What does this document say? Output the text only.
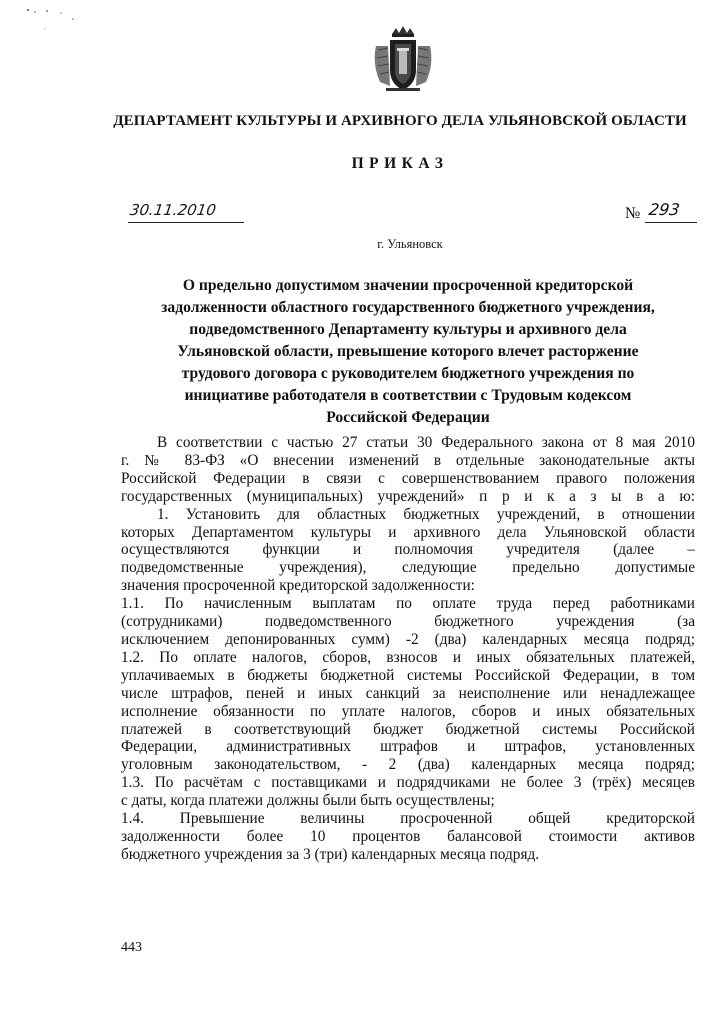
ДЕПАРТАМЕНТ КУЛЬТУРЫ И АРХИВНОГО ДЕЛА УЛЬЯНОВСКОЙ ОБЛАСТИ
ПРИКАЗ
30.11.2010	№ 293
г. Ульяновск
О предельно допустимом значении просроченной кредиторской
задолженности областного государственного бюджетного учреждения,
подведомственного Департаменту культуры и архивного дела
Ульяновской области, превышение которого влечет расторжение
трудового договора с руководителем бюджетного учреждения по
инициативе работодателя в соответствии с Трудовым кодексом
Российской Федерации
В соответствии с частью 27 статьи 30 Федерального закона от 8 мая 2010
г. № 83-ФЗ «О внесении изменений в отдельные законодательные акты
Российской Федерации в связи с совершенствованием правого положения
государственных (муниципальных) учреждений» п р и к а з ы в а ю:
1. Установить для областных бюджетных учреждений, в отношении
которых Департаментом культуры и архивного дела Ульяновской области
осуществляются функции и полномочия учредителя (далее –
подведомственные учреждения), следующие предельно допустимые
значения просроченной кредиторской задолженности:
1.1. По начисленным выплатам по оплате труда перед работниками
(сотрудниками) подведомственного бюджетного учреждения (за
исключением депонированных сумм) -2 (два) календарных месяца подряд;
1.2. По оплате налогов, сборов, взносов и иных обязательных платежей,
уплачиваемых в бюджеты бюджетной системы Российской Федерации, в том
числе штрафов, пеней и иных санкций за неисполнение или ненадлежащее
исполнение обязанности по уплате налогов, сборов и иных обязательных
платежей в соответствующий бюджет бюджетной системы Российской
Федерации, административных штрафов и штрафов, установленных
уголовным законодательством, - 2 (два) календарных месяца подряд;
1.3. По расчётам с поставщиками и подрядчиками не более 3 (трёх) месяцев
с даты, когда платежи должны были быть осуществлены;
1.4. Превышение величины просроченной общей кредиторской
задолженности более 10 процентов балансовой стоимости активов
бюджетного учреждения за 3 (три) календарных месяца подряд.
443
